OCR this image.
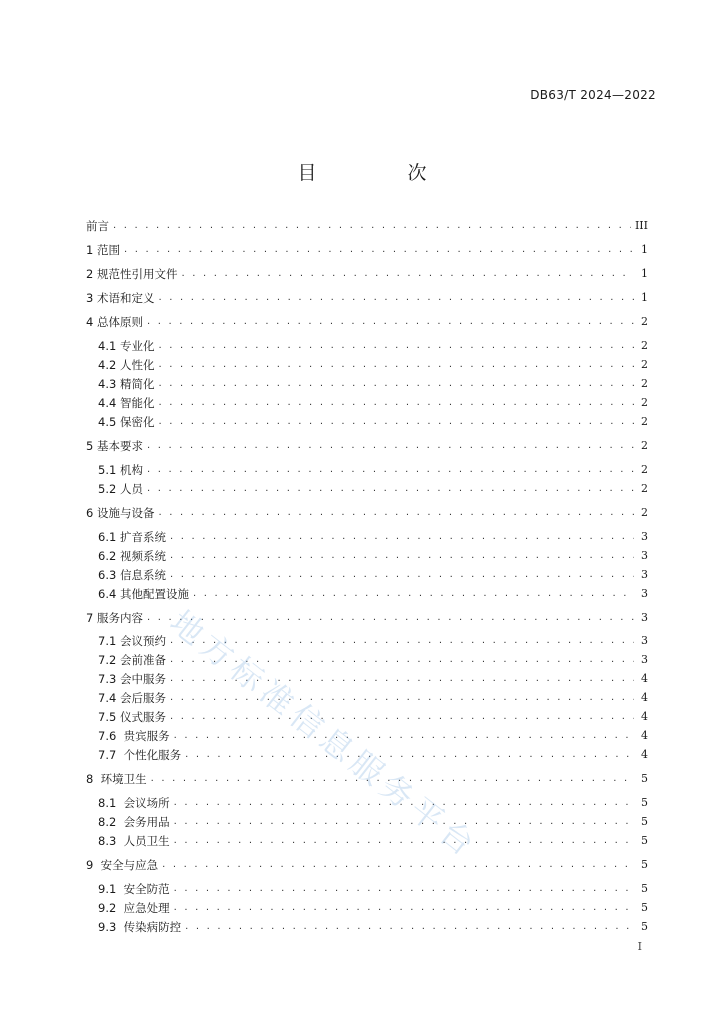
DB63/T 2024—2022
目　次
前言 . . .	III
1 范围 . . .	1
2 规范性引用文件 . . .	1
3 术语和定义 . . .	1
4 总体原则 . . .	2
4.1 专业化 . . .	2
4.2 人性化 . . .	2
4.3 精简化 . . .	2
4.4 智能化 . . .	2
4.5 保密化 . . .	2
5 基本要求 . . .	2
5.1 机构 . . .	2
5.2 人员 . . .	2
6 设施与设备 . . .	2
6.1 扩音系统 . . .	3
6.2 视频系统 . . .	3
6.3 信息系统 . . .	3
6.4 其他配置设施 . . .	3
7 服务内容 . . .	3
7.1 会议预约 . . .	3
7.2 会前准备 . . .	3
7.3 会中服务 . . .	4
7.4 会后服务 . . .	4
7.5 仪式服务 . . .	4
7.6  贵宾服务 . . .	4
7.7  个性化服务 . . .	4
8  环境卫生 . . .	5
8.1  会议场所 . . .	5
8.2  会务用品 . . .	5
8.3  人员卫生 . . .	5
9  安全与应急 . . .	5
9.1  安全防范 . . .	5
9.2  应急处理 . . .	5
9.3  传染病防控 . . .	5
地方标准信息服务平台
I
